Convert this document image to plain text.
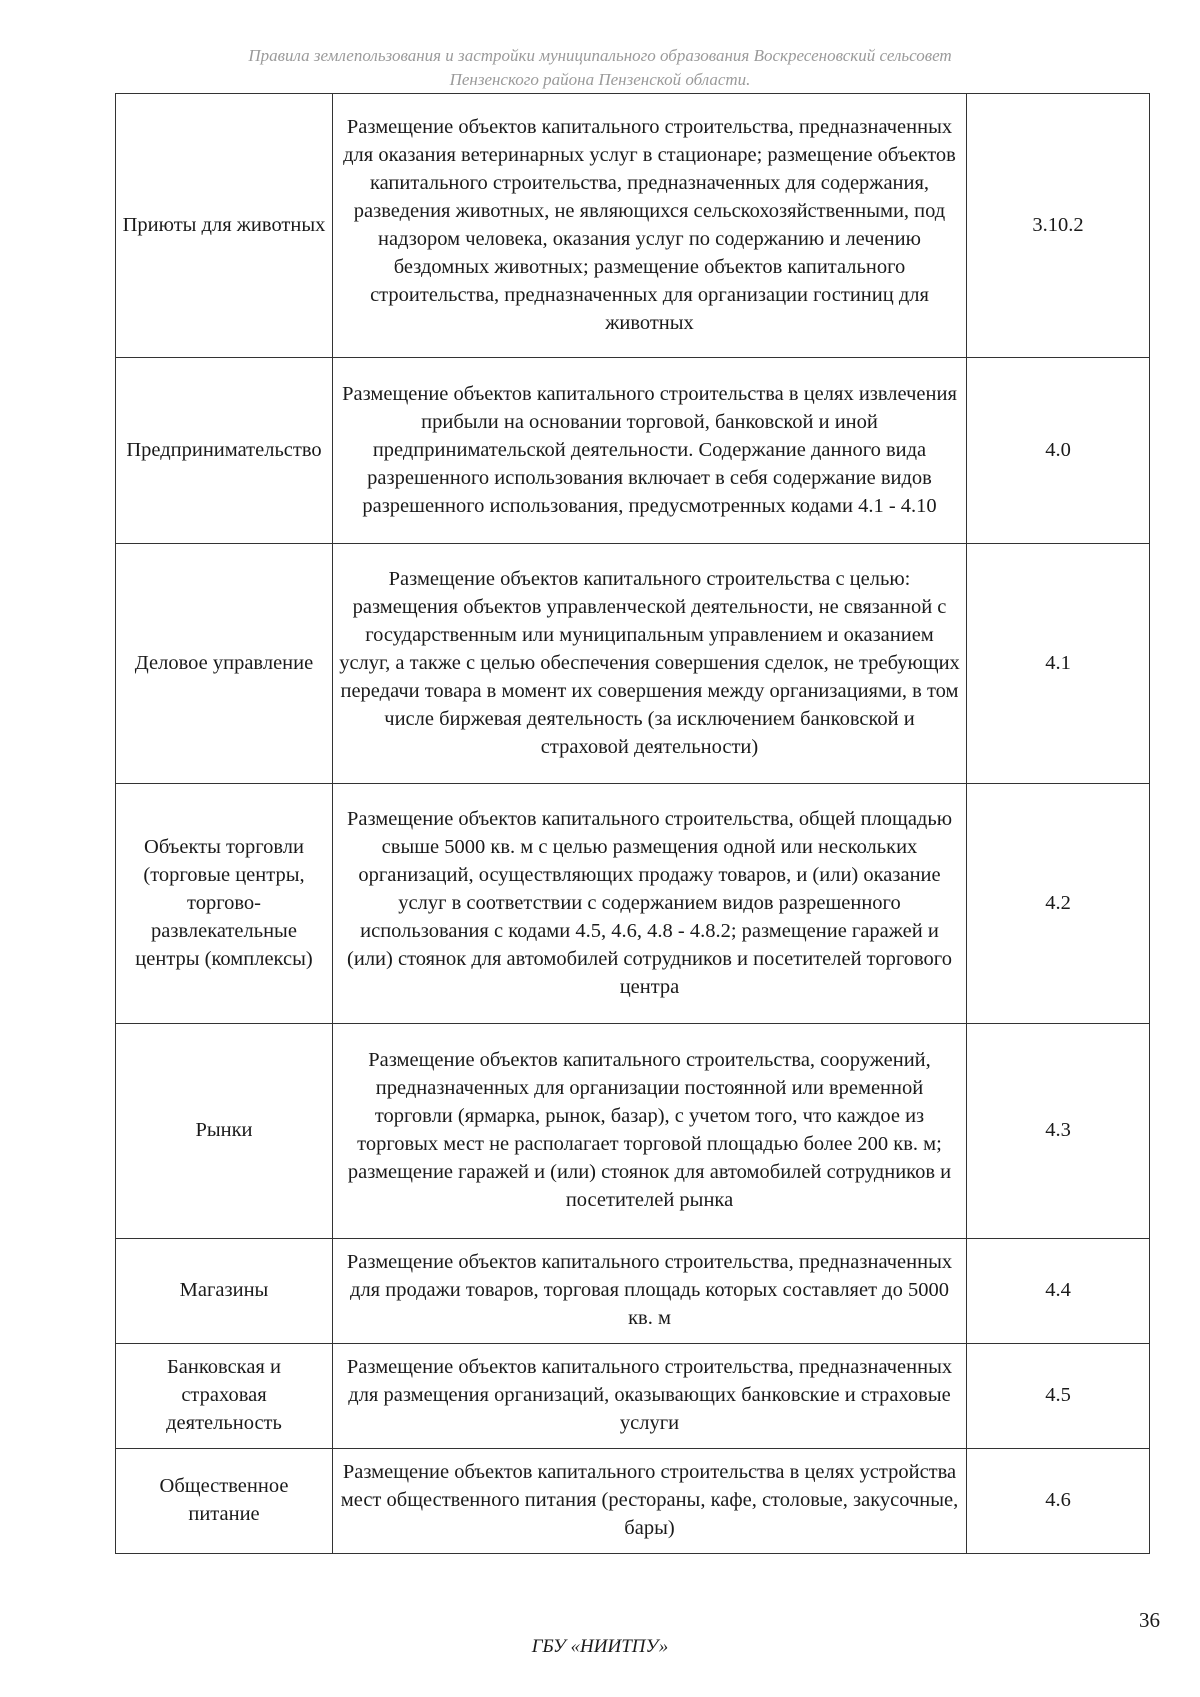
Правила землепользования и застройки муниципального образования Воскресеновский сельсовет
Пензенского района Пензенской области.
Приюты для животных	Размещение объектов капитального строительства, предназначенных для оказания ветеринарных услуг в стационаре; размещение объектов капитального строительства, предназначенных для содержания, разведения животных, не являющихся сельскохозяйственными, под надзором человека, оказания услуг по содержанию и лечению бездомных животных; размещение объектов капитального строительства, предназначенных для организации гостиниц для животных	3.10.2
Предпринимательство	Размещение объектов капитального строительства в целях извлечения прибыли на основании торговой, банковской и иной предпринимательской деятельности. Содержание данного вида разрешенного использования включает в себя содержание видов разрешенного использования, предусмотренных кодами 4.1 - 4.10	4.0
Деловое управление	Размещение объектов капитального строительства с целью: размещения объектов управленческой деятельности, не связанной с государственным или муниципальным управлением и оказанием услуг, а также с целью обеспечения совершения сделок, не требующих передачи товара в момент их совершения между организациями, в том числе биржевая деятельность (за исключением банковской и страховой деятельности)	4.1
Объекты торговли (торговые центры, торгово-развлекательные центры (комплексы)	Размещение объектов капитального строительства, общей площадью свыше 5000 кв. м с целью размещения одной или нескольких организаций, осуществляющих продажу товаров, и (или) оказание услуг в соответствии с содержанием видов разрешенного использования с кодами 4.5, 4.6, 4.8 - 4.8.2; размещение гаражей и (или) стоянок для автомобилей сотрудников и посетителей торгового центра	4.2
Рынки	Размещение объектов капитального строительства, сооружений, предназначенных для организации постоянной или временной торговли (ярмарка, рынок, базар), с учетом того, что каждое из торговых мест не располагает торговой площадью более 200 кв. м; размещение гаражей и (или) стоянок для автомобилей сотрудников и посетителей рынка	4.3
Магазины	Размещение объектов капитального строительства, предназначенных для продажи товаров, торговая площадь которых составляет до 5000 кв. м	4.4
Банковская и страховая деятельность	Размещение объектов капитального строительства, предназначенных для размещения организаций, оказывающих банковские и страховые услуги	4.5
Общественное питание	Размещение объектов капитального строительства в целях устройства мест общественного питания (рестораны, кафе, столовые, закусочные, бары)	4.6
36
ГБУ «НИИТПУ»
